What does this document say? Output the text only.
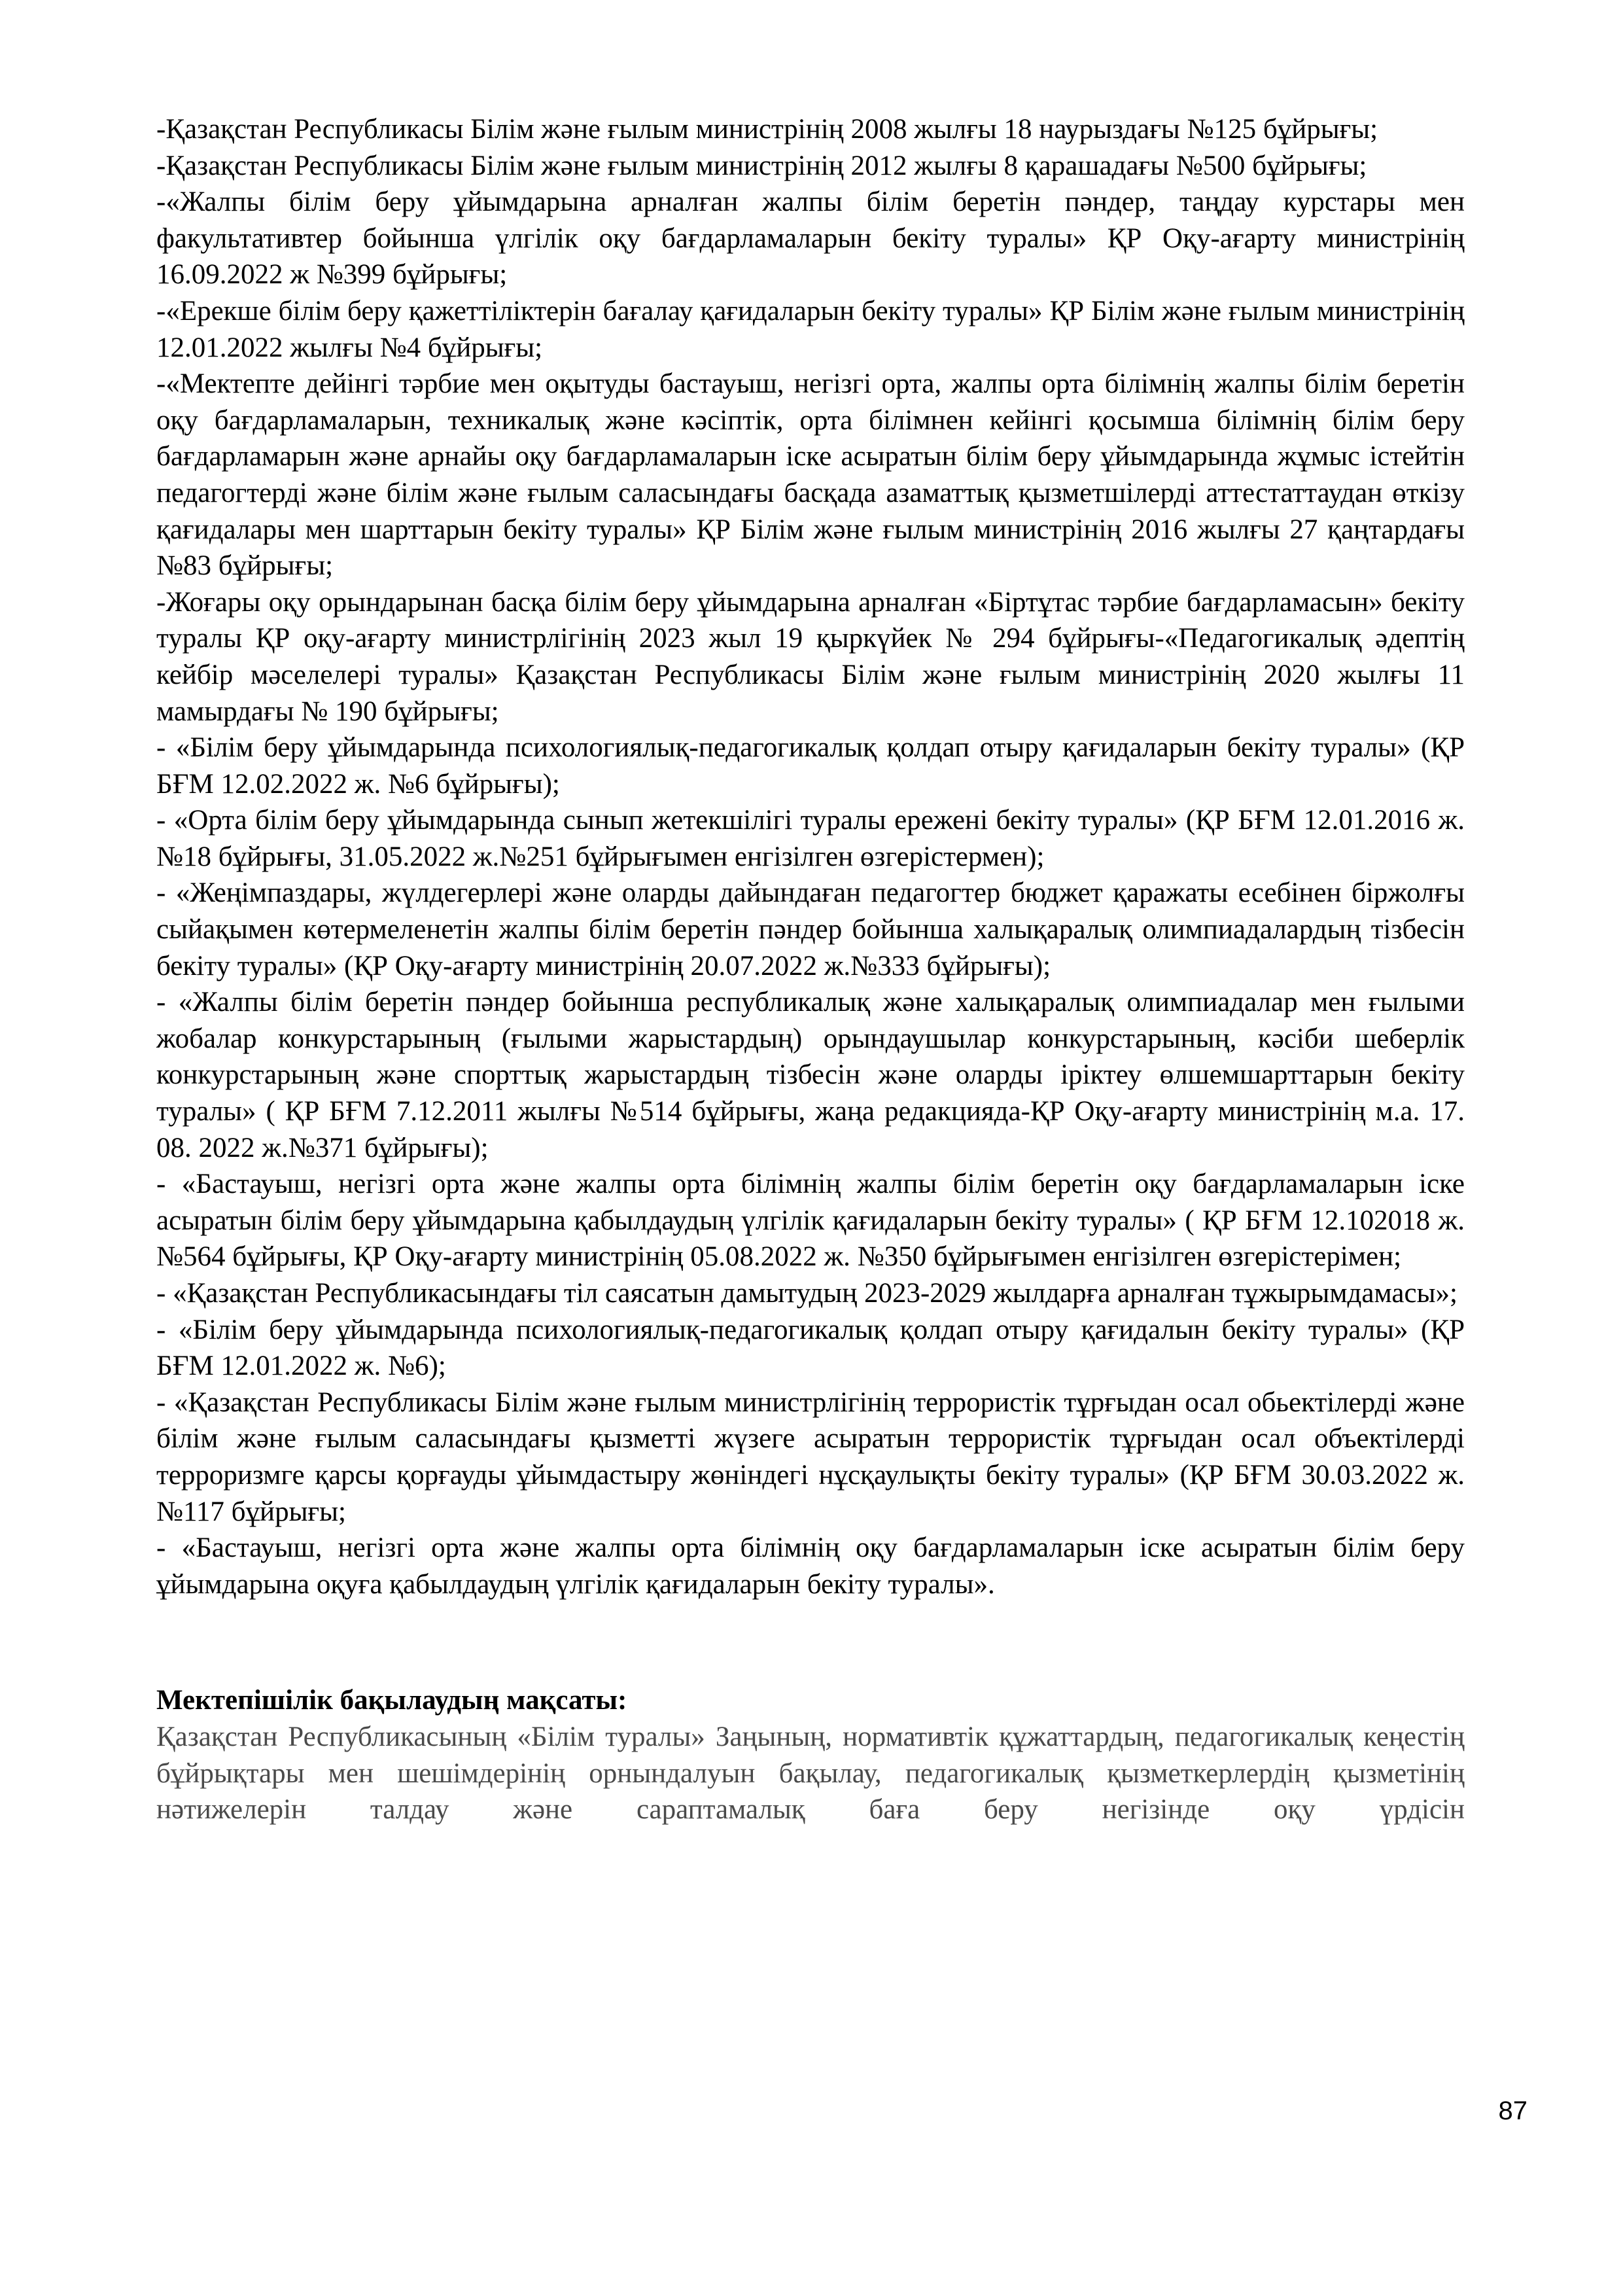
-Қазақстан Республикасы Білім және ғылым министрінің 2008 жылғы 18 наурыздағы №125 бұйрығы;

-Қазақстан Республикасы Білім және ғылым министрінің 2012 жылғы 8 қарашадағы №500 бұйрығы;

-«Жалпы білім беру ұйымдарына арналған жалпы білім беретін пәндер, таңдау курстары мен факультативтер бойынша үлгілік оқу бағдарламаларын бекіту туралы» ҚР Оқу-ағарту министрінің 16.09.2022 ж №399 бұйрығы;

-«Ерекше білім беру қажеттіліктерін бағалау қағидаларын бекіту туралы» ҚР Білім және ғылым министрінің 12.01.2022 жылғы №4 бұйрығы;

-«Мектепте дейінгі тәрбие мен оқытуды бастауыш, негізгі орта, жалпы орта білімнің жалпы білім беретін оқу бағдарламаларын, техникалық және кәсіптік, орта білімнен кейінгі қосымша білімнің білім беру бағдарламарын және арнайы оқу бағдарламаларын іске асыратын білім беру ұйымдарында жұмыс істейтін педагогтерді және білім және ғылым саласындағы басқада азаматтық қызметшілерді аттестаттаудан өткізу қағидалары мен шарттарын бекіту туралы» ҚР Білім және ғылым министрінің 2016 жылғы 27 қаңтардағы №83 бұйрығы;

-Жоғары оқу орындарынан басқа білім беру ұйымдарына арналған «Біртұтас тәрбие бағдарламасын» бекіту туралы ҚР оқу-ағарту министрлігінің 2023 жыл 19 қыркүйек № 294 бұйрығы-«Педагогикалық әдептің кейбір мәселелері туралы» Қазақстан Республикасы Білім және ғылым министрінің 2020 жылғы 11 мамырдағы № 190 бұйрығы;

- «Білім беру ұйымдарында психологиялық-педагогикалық қолдап отыру қағидаларын бекіту туралы» (ҚР БҒМ 12.02.2022 ж. №6 бұйрығы);

- «Орта білім беру ұйымдарында сынып жетекшілігі туралы ережені бекіту туралы» (ҚР БҒМ 12.01.2016 ж.№18 бұйрығы, 31.05.2022 ж.№251 бұйрығымен енгізілген өзгерістермен);

- «Жеңімпаздары, жүлдегерлері және оларды дайындаған педагогтер бюджет қаражаты есебінен біржолғы сыйақымен көтермеленетін жалпы білім беретін пәндер бойынша халықаралық олимпиадалардың тізбесін бекіту туралы» (ҚР Оқу-ағарту министрінің 20.07.2022 ж.№333 бұйрығы);

- «Жалпы білім беретін пәндер бойынша республикалық және халықаралық олимпиадалар мен ғылыми жобалар конкурстарының (ғылыми жарыстардың) орындаушылар конкурстарының, кәсіби шеберлік конкурстарының және спорттық жарыстардың тізбесін және оларды іріктеу өлшемшарттарын бекіту туралы» ( ҚР БҒМ 7.12.2011 жылғы №514 бұйрығы, жаңа редакцияда-ҚР Оқу-ағарту министрінің м.а. 17. 08. 2022 ж.№371 бұйрығы);

- «Бастауыш, негізгі орта және жалпы орта білімнің жалпы білім беретін оқу бағдарламаларын іске асыратын білім беру ұйымдарына қабылдаудың үлгілік қағидаларын бекіту туралы» ( ҚР БҒМ 12.102018 ж. №564 бұйрығы, ҚР Оқу-ағарту министрінің 05.08.2022 ж. №350 бұйрығымен енгізілген өзгерістерімен;

- «Қазақстан Республикасындағы тіл саясатын дамытудың 2023-2029 жылдарға арналған тұжырымдамасы»;

- «Білім беру ұйымдарында психологиялық-педагогикалық қолдап отыру қағидалын бекіту туралы» (ҚР БҒМ 12.01.2022 ж. №6);

- «Қазақстан Республикасы Білім және ғылым министрлігінің террористік тұрғыдан осал обьектілерді және білім және ғылым саласындағы қызметті жүзеге асыратын террористік тұрғыдан осал объектілерді терроризмге қарсы қорғауды ұйымдастыру жөніндегі нұсқаулықты бекіту туралы» (ҚР БҒМ 30.03.2022 ж. №117 бұйрығы;

- «Бастауыш, негізгі орта және жалпы орта білімнің оқу бағдарламаларын іске асыратын білім беру ұйымдарына оқуға қабылдаудың үлгілік қағидаларын бекіту туралы».

Мектепішілік бақылаудың мақсаты:

Қазақстан Республикасының «Білім туралы» Заңының, нормативтік құжаттардың, педагогикалық кеңестің бұйрықтары мен шешімдерінің орнындалуын бақылау, педагогикалық қызметкерлердің қызметінің нәтижелерін талдау және сараптамалық баға беру негізінде оқу үрдісін

87
